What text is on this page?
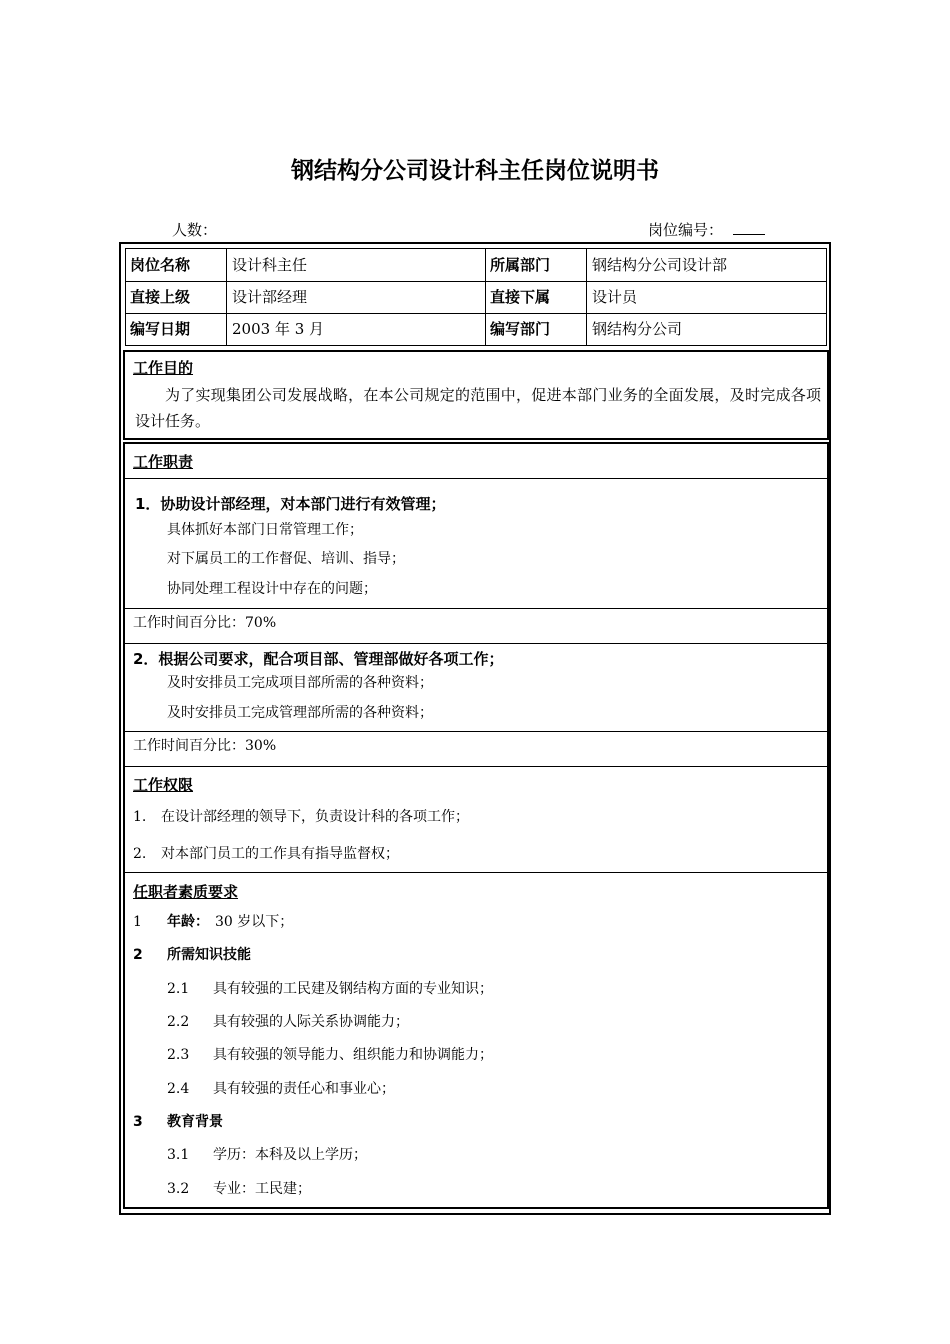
钢结构分公司设计科主任岗位说明书
人数：	岗位编号：
岗位名称	设计科主任	所属部门	钢结构分公司设计部
直接上级	设计部经理	直接下属	设计员
编写日期	2003 年 3 月	编写部门	钢结构分公司
工作目的
为了实现集团公司发展战略，在本公司规定的范围中，促进本部门业务的全面发展，及时完成各项设计任务。
工作职责
1．协助设计部经理，对本部门进行有效管理；
具体抓好本部门日常管理工作；
对下属员工的工作督促、培训、指导；
协同处理工程设计中存在的问题；
工作时间百分比：70%
2．根据公司要求，配合项目部、管理部做好各项工作；
及时安排员工完成项目部所需的各种资料；
及时安排员工完成管理部所需的各种资料；
工作时间百分比：30%
工作权限
1. 在设计部经理的领导下，负责设计科的各项工作；
2. 对本部门员工的工作具有指导监督权；
任职者素质要求
1 年龄： 30 岁以下；
2 所需知识技能
2.1 具有较强的工民建及钢结构方面的专业知识；
2.2 具有较强的人际关系协调能力；
2.3 具有较强的领导能力、组织能力和协调能力；
2.4 具有较强的责任心和事业心；
3 教育背景
3.1 学历：本科及以上学历；
3.2 专业：工民建；
